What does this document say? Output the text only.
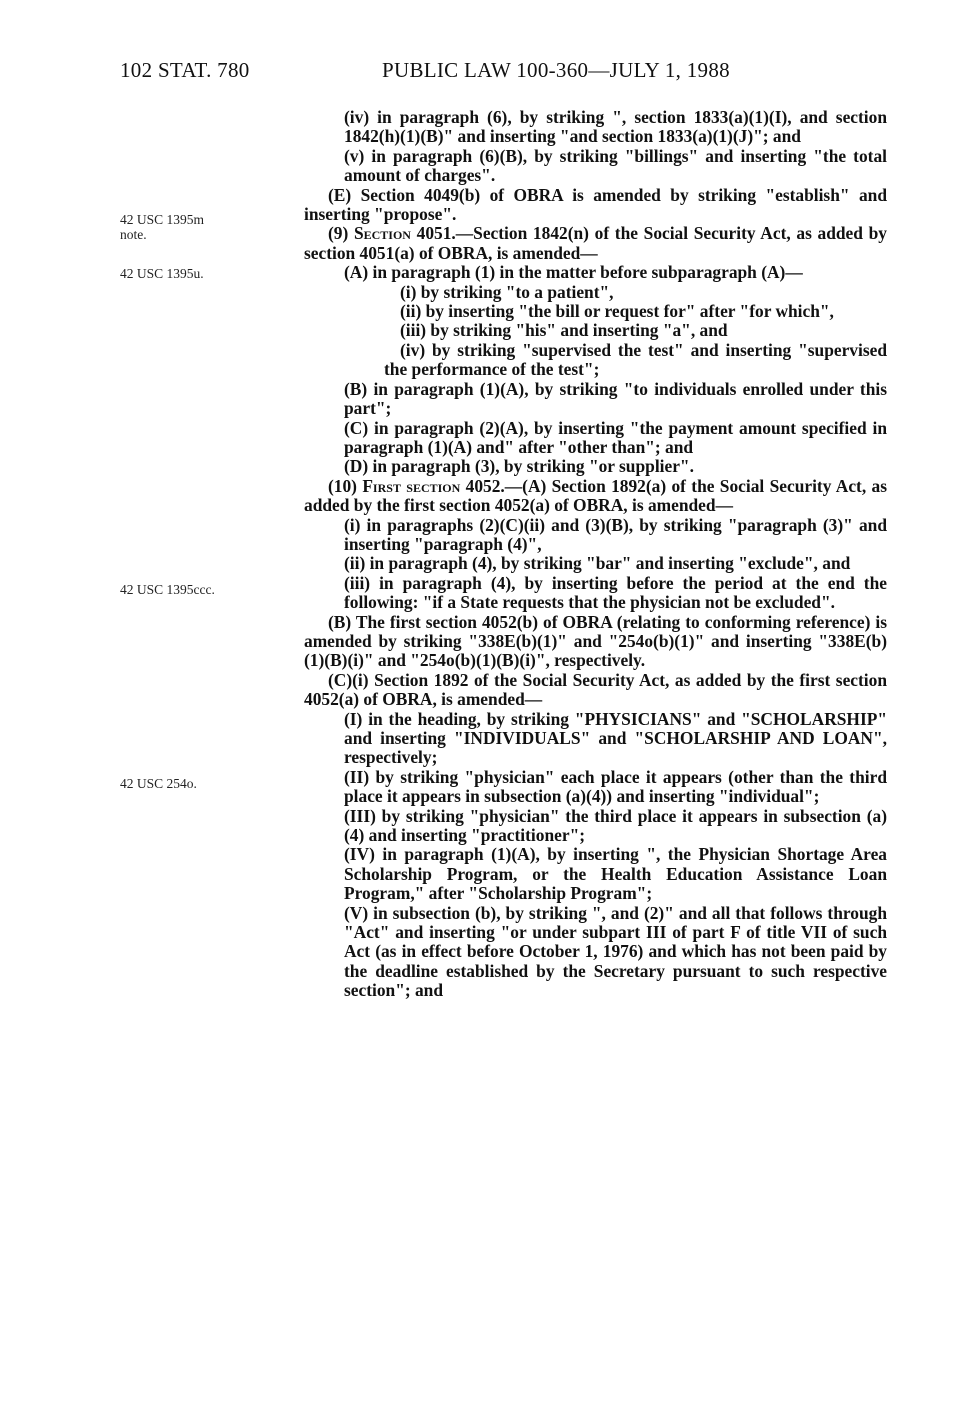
102 STAT. 780	PUBLIC LAW 100-360—JULY 1, 1988
42 USC 1395m
note.
42 USC 1395u.
42 USC 1395ccc.
42 USC 254o.

(iv) in paragraph (6), by striking ", section 1833(a)(1)(I), and section 1842(h)(1)(B)" and inserting "and section 1833(a)(1)(J)"; and

(v) in paragraph (6)(B), by striking "billings" and inserting "the total amount of charges".

(E) Section 4049(b) of OBRA is amended by striking "establish" and inserting "propose".

(9) Section 4051.—Section 1842(n) of the Social Security Act, as added by section 4051(a) of OBRA, is amended—

(A) in paragraph (1) in the matter before subparagraph (A)—

(i) by striking "to a patient",

(ii) by inserting "the bill or request for" after "for which",

(iii) by striking "his" and inserting "a", and

(iv) by striking "supervised the test" and inserting "supervised the performance of the test";

(B) in paragraph (1)(A), by striking "to individuals enrolled under this part";

(C) in paragraph (2)(A), by inserting "the payment amount specified in paragraph (1)(A) and" after "other than"; and

(D) in paragraph (3), by striking "or supplier".

(10) First section 4052.—(A) Section 1892(a) of the Social Security Act, as added by the first section 4052(a) of OBRA, is amended—

(i) in paragraphs (2)(C)(ii) and (3)(B), by striking "paragraph (3)" and inserting "paragraph (4)",

(ii) in paragraph (4), by striking "bar" and inserting "exclude", and

(iii) in paragraph (4), by inserting before the period at the end the following: "if a State requests that the physician not be excluded".

(B) The first section 4052(b) of OBRA (relating to conforming reference) is amended by striking "338E(b)(1)" and "254o(b)(1)" and inserting "338E(b)(1)(B)(i)" and "254o(b)(1)(B)(i)", respectively.

(C)(i) Section 1892 of the Social Security Act, as added by the first section 4052(a) of OBRA, is amended—

(I) in the heading, by striking "PHYSICIANS" and "SCHOLARSHIP" and inserting "INDIVIDUALS" and "SCHOLARSHIP AND LOAN", respectively;

(II) by striking "physician" each place it appears (other than the third place it appears in subsection (a)(4)) and inserting "individual";

(III) by striking "physician" the third place it appears in subsection (a)(4) and inserting "practitioner";

(IV) in paragraph (1)(A), by inserting ", the Physician Shortage Area Scholarship Program, or the Health Education Assistance Loan Program," after "Scholarship Program";

(V) in subsection (b), by striking ", and (2)" and all that follows through "Act" and inserting "or under subpart III of part F of title VII of such Act (as in effect before October 1, 1976) and which has not been paid by the deadline established by the Secretary pursuant to such respective section"; and
